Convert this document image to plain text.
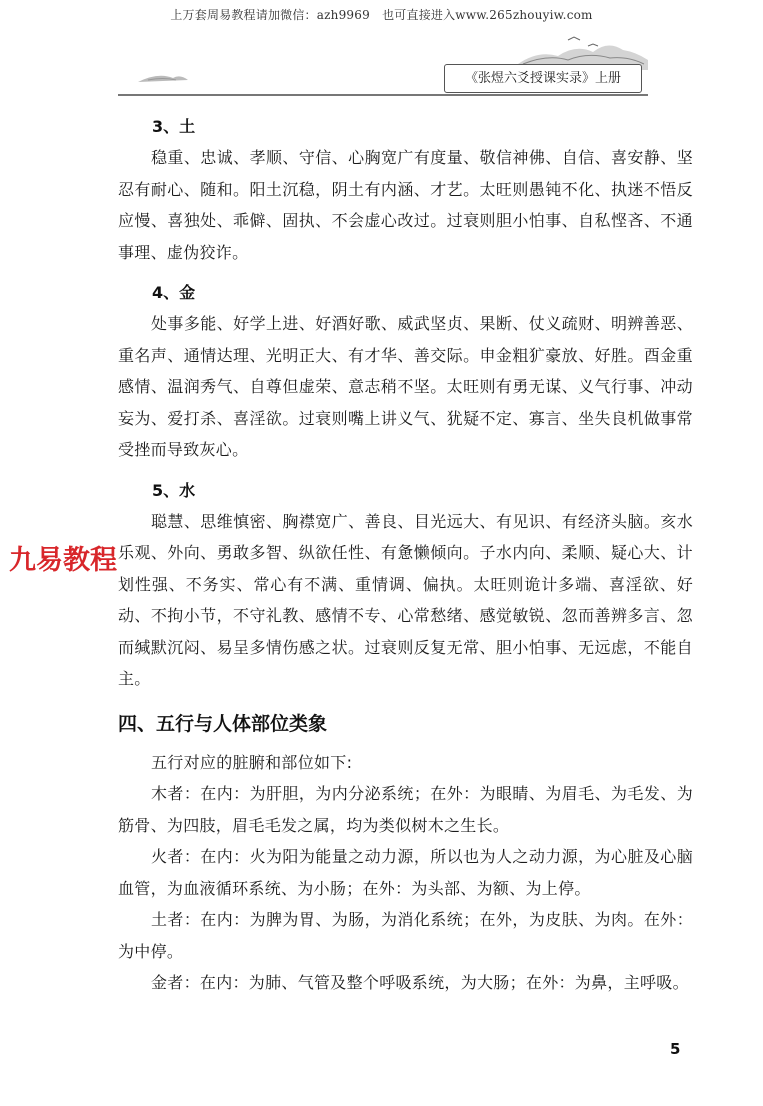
上万套周易教程请加微信：azh9969　也可直接进入www.265zhouyiw.com
《张煜六爻授课实录》上册

3、土

稳重、忠诚、孝顺、守信、心胸宽广有度量、敬信神佛、自信、喜安静、坚忍有耐心、随和。阳土沉稳，阴土有内涵、才艺。太旺则愚钝不化、执迷不悟反应慢、喜独处、乖僻、固执、不会虚心改过。过衰则胆小怕事、自私悭吝、不通事理、虚伪狡诈。

4、金

处事多能、好学上进、好酒好歌、威武坚贞、果断、仗义疏财、明辨善恶、重名声、通情达理、光明正大、有才华、善交际。申金粗犷豪放、好胜。酉金重感情、温润秀气、自尊但虚荣、意志稍不坚。太旺则有勇无谋、义气行事、冲动妄为、爱打杀、喜淫欲。过衰则嘴上讲义气、犹疑不定、寡言、坐失良机做事常受挫而导致灰心。

5、水

聪慧、思维慎密、胸襟宽广、善良、目光远大、有见识、有经济头脑。亥水乐观、外向、勇敢多智、纵欲任性、有惫懒倾向。子水内向、柔顺、疑心大、计划性强、不务实、常心有不满、重情调、偏执。太旺则诡计多端、喜淫欲、好动、不拘小节，不守礼教、感情不专、心常愁绪、感觉敏锐、忽而善辨多言、忽而缄默沉闷、易呈多情伤感之状。过衰则反复无常、胆小怕事、无远虑，不能自主。

四、五行与人体部位类象

五行对应的脏腑和部位如下:

木者：在内：为肝胆，为内分泌系统；在外：为眼睛、为眉毛、为毛发、为筋骨、为四肢，眉毛毛发之属，均为类似树木之生长。

火者：在内：火为阳为能量之动力源，所以也为人之动力源，为心脏及心脑血管，为血液循环系统、为小肠；在外：为头部、为额、为上停。

土者：在内：为脾为胃、为肠，为消化系统；在外，为皮肤、为肉。在外：为中停。

金者：在内：为肺、气管及整个呼吸系统，为大肠；在外：为鼻，主呼吸。

九易教程
5
